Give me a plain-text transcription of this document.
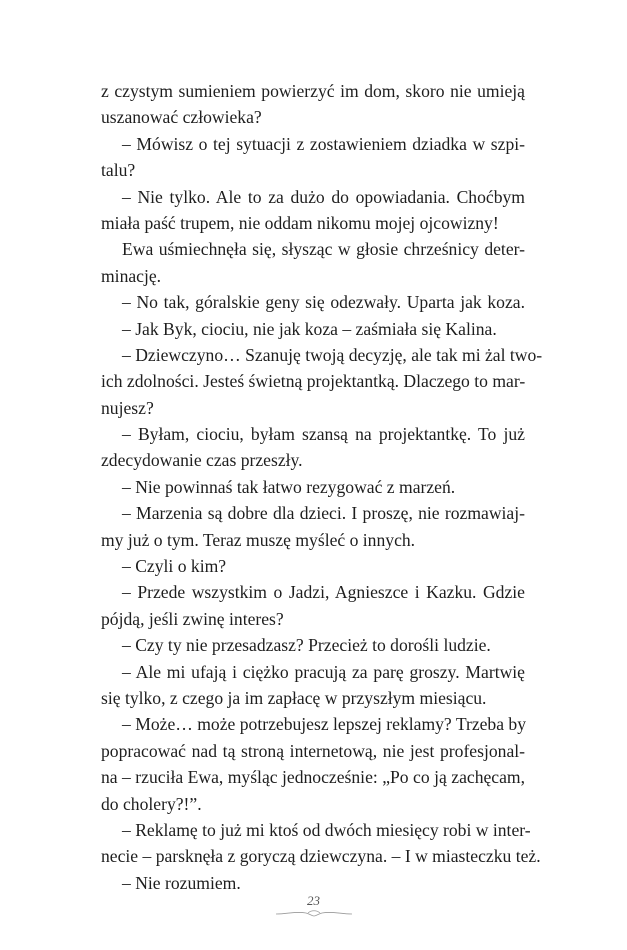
z czystym sumieniem powierzyć im dom, skoro nie umieją
uszanować człowieka?
– Mówisz o tej sytuacji z zostawieniem dziadka w szpi-
talu?
– Nie tylko. Ale to za dużo do opowiadania. Choćbym
miała paść trupem, nie oddam nikomu mojej ojcowizny!
Ewa uśmiechnęła się, słysząc w głosie chrześnicy deter-
minację.
– No tak, góralskie geny się odezwały. Uparta jak koza.
– Jak Byk, ciociu, nie jak koza – zaśmiała się Kalina.
– Dziewczyno… Szanuję twoją decyzję, ale tak mi żal two-
ich zdolności. Jesteś świetną projektantką. Dlaczego to mar-
nujesz?
– Byłam, ciociu, byłam szansą na projektantkę. To już
zdecydowanie czas przeszły.
– Nie powinnaś tak łatwo rezygować z marzeń.
– Marzenia są dobre dla dzieci. I proszę, nie rozmawiaj-
my już o tym. Teraz muszę myśleć o innych.
– Czyli o kim?
– Przede wszystkim o Jadzi, Agnieszce i Kazku. Gdzie
pójdą, jeśli zwinę interes?
– Czy ty nie przesadzasz? Przecież to dorośli ludzie.
– Ale mi ufają i ciężko pracują za parę groszy. Martwię
się tylko, z czego ja im zapłacę w przyszłym miesiącu.
– Może… może potrzebujesz lepszej reklamy? Trzeba by
popracować nad tą stroną internetową, nie jest profesjonal-
na – rzuciła Ewa, myśląc jednocześnie: „Po co ją zachęcam,
do cholery?!”.
– Reklamę to już mi ktoś od dwóch miesięcy robi w inter-
necie – parsknęła z goryczą dziewczyna. – I w miasteczku też.
– Nie rozumiem.
23
